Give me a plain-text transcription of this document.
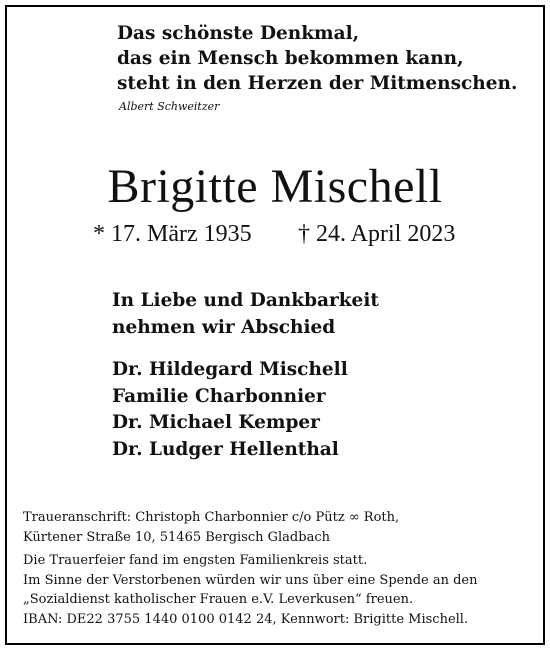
Das schönste Denkmal,
das ein Mensch bekommen kann,
steht in den Herzen der Mitmenschen.
Albert Schweitzer
Brigitte Mischell
* 17. März 1935 † 24. April 2023
In Liebe und Dankbarkeit
nehmen wir Abschied
Dr. Hildegard Mischell
Familie Charbonnier
Dr. Michael Kemper
Dr. Ludger Hellenthal
Traueranschrift: Christoph Charbonnier c/o Pütz ∞ Roth,
Kürtener Straße 10, 51465 Bergisch Gladbach
Die Trauerfeier fand im engsten Familienkreis statt.
Im Sinne der Verstorbenen würden wir uns über eine Spende an den
„Sozialdienst katholischer Frauen e.V. Leverkusen“ freuen.
IBAN: DE22 3755 1440 0100 0142 24, Kennwort: Brigitte Mischell.
